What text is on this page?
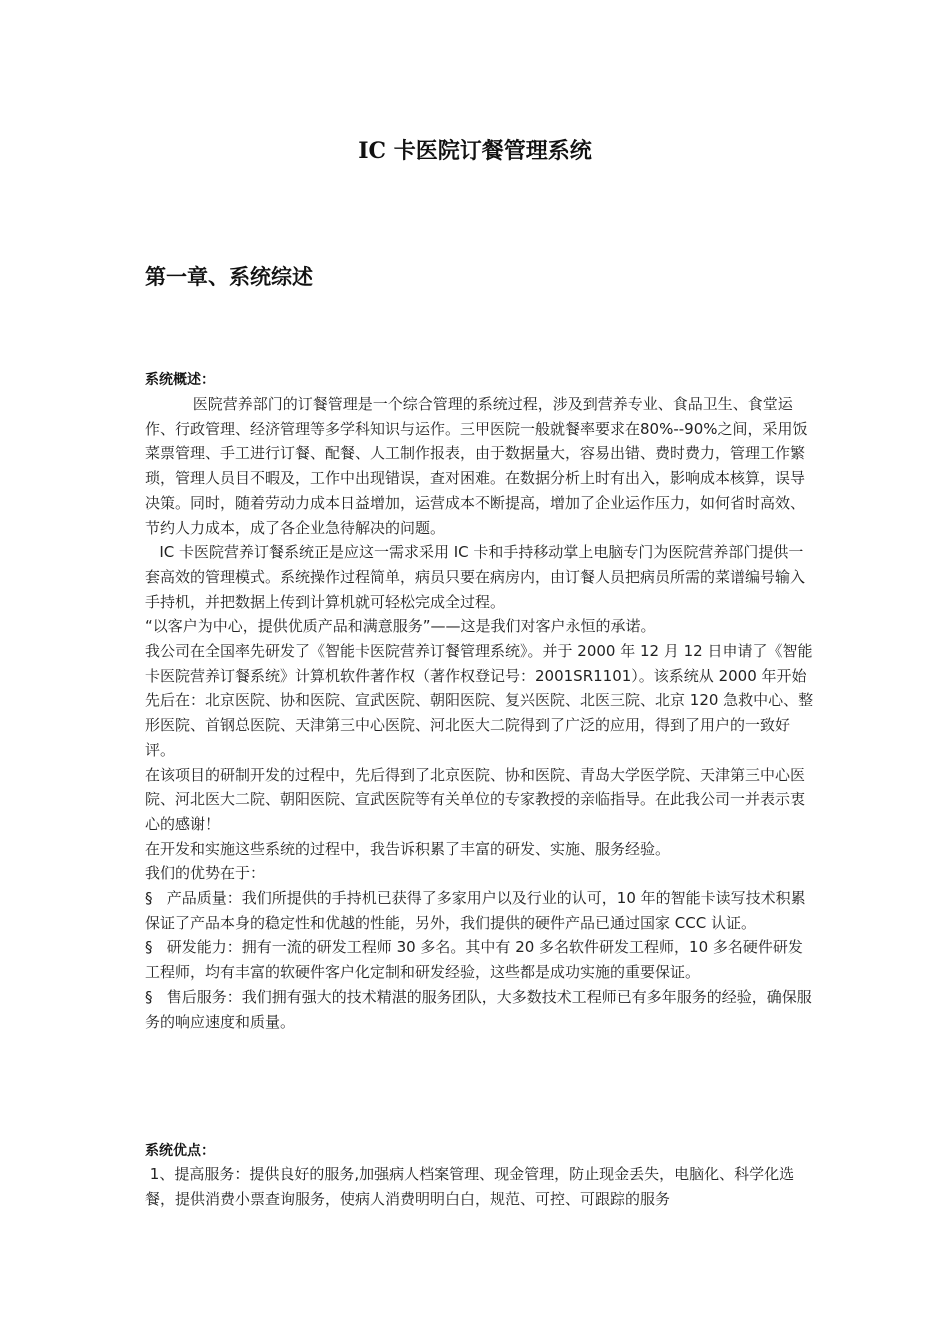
IC 卡医院订餐管理系统
第一章、系统综述
系统概述：

医院营养部门的订餐管理是一个综合管理的系统过程，涉及到营养专业、食品卫生、食堂运作、行政管理、经济管理等多学科知识与运作。三甲医院一般就餐率要求在80%--90%之间，采用饭菜票管理、手工进行订餐、配餐、人工制作报表，由于数据量大，容易出错、费时费力，管理工作繁琐，管理人员目不暇及，工作中出现错误，查对困难。在数据分析上时有出入，影响成本核算，误导决策。同时，随着劳动力成本日益增加，运营成本不断提高，增加了企业运作压力，如何省时高效、节约人力成本，成了各企业急待解决的问题。

IC 卡医院营养订餐系统正是应这一需求采用 IC 卡和手持移动掌上电脑专门为医院营养部门提供一套高效的管理模式。系统操作过程简单，病员只要在病房内，由订餐人员把病员所需的菜谱编号输入手持机，并把数据上传到计算机就可轻松完成全过程。

“以客户为中心，提供优质产品和满意服务”——这是我们对客户永恒的承诺。

我公司在全国率先研发了《智能卡医院营养订餐管理系统》。并于 2000 年 12 月 12 日申请了《智能卡医院营养订餐系统》计算机软件著作权（著作权登记号：2001SR1101）。该系统从 2000 年开始先后在：北京医院、协和医院、宣武医院、朝阳医院、复兴医院、北医三院、北京 120 急救中心、整形医院、首钢总医院、天津第三中心医院、河北医大二院得到了广泛的应用，得到了用户的一致好评。

在该项目的研制开发的过程中，先后得到了北京医院、协和医院、青岛大学医学院、天津第三中心医院、河北医大二院、朝阳医院、宣武医院等有关单位的专家教授的亲临指导。在此我公司一并表示衷心的感谢！

在开发和实施这些系统的过程中，我告诉积累了丰富的研发、实施、服务经验。

我们的优势在于：

§   产品质量：我们所提供的手持机已获得了多家用户以及行业的认可，10 年的智能卡读写技术积累保证了产品本身的稳定性和优越的性能，另外，我们提供的硬件产品已通过国家 CCC 认证。

§   研发能力：拥有一流的研发工程师 30 多名。其中有 20 多名软件研发工程师，10 多名硬件研发工程师，均有丰富的软硬件客户化定制和研发经验，这些都是成功实施的重要保证。

§   售后服务：我们拥有强大的技术精湛的服务团队，大多数技术工程师已有多年服务的经验，确保服务的响应速度和质量。

系统优点：

1、提高服务：提供良好的服务,加强病人档案管理、现金管理，防止现金丢失，电脑化、科学化选餐，提供消费小票查询服务，使病人消费明明白白，规范、可控、可跟踪的服务
